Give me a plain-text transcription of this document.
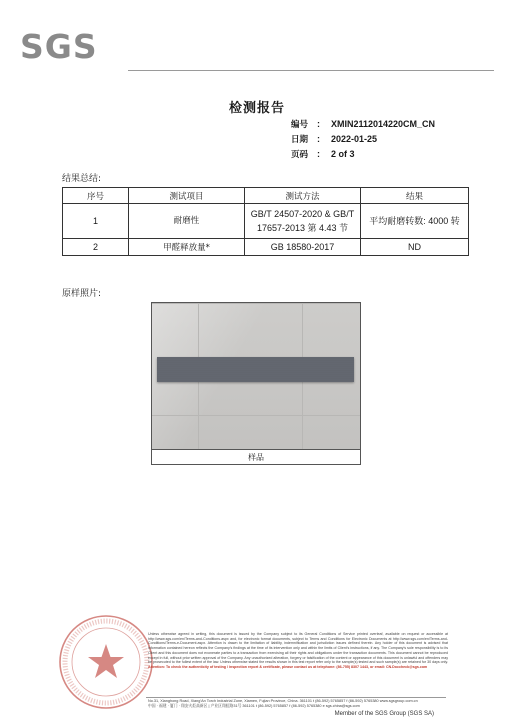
SGS
检测报告
编号 : XMIN2112014220CM_CN
日期 : 2022-01-25
页码 : 2 of 3
结果总结:
序号	测试项目	测试方法	结果
1	耐磨性	GB/T 24507-2020 & GB/T 17657-2013 第 4.43 节	平均耐磨转数: 4000 转
2	甲醛释放量*	GB 18580-2017	ND
原样照片:
样品
Unless otherwise agreed in writing, this document is issued by the Company subject to its General Conditions of Service printed overleaf, available on request or accessible at http://www.sgs.com/en/Terms-and-Conditions.aspx and, for electronic format documents, subject to Terms and Conditions for Electronic Documents at http://www.sgs.com/en/Terms-and-Conditions/Terms-e-Document.aspx. Attention is drawn to the limitation of liability, indemnification and jurisdiction issues defined therein. Any holder of this document is advised that information contained hereon reflects the Company's findings at the time of its intervention only and within the limits of Client's instructions, if any. The Company's sole responsibility is to its Client and this document does not exonerate parties to a transaction from exercising all their rights and obligations under the transaction documents. This document cannot be reproduced except in full, without prior written approval of the Company. Any unauthorized alteration, forgery or falsification of the content or appearance of this document is unlawful and offenders may be prosecuted to the fullest extent of the law. Unless otherwise stated the results shown in this test report refer only to the sample(s) tested and such sample(s) are retained for 30 days only. Attention: To check the authenticity of testing / inspection report & certificate, please contact us at telephone: (86-755) 8307 1443, or email: CN.Doccheck@sgs.com
No.31, Xianghong Road, Xiang'An Torch Industrial Zone, Xiamen, Fujian Province, China. 361101 t (86-592) 5765857 f (86-592) 5765380 www.sgsgroup.com.cn
中国 · 福建 · 厦门 · 翔安火炬高新区 | 产业区翔虹路31号 361101 t (86-592) 5765857 f (86-592) 5765380 e sgs.china@sgs.com
Member of the SGS Group (SGS SA)
